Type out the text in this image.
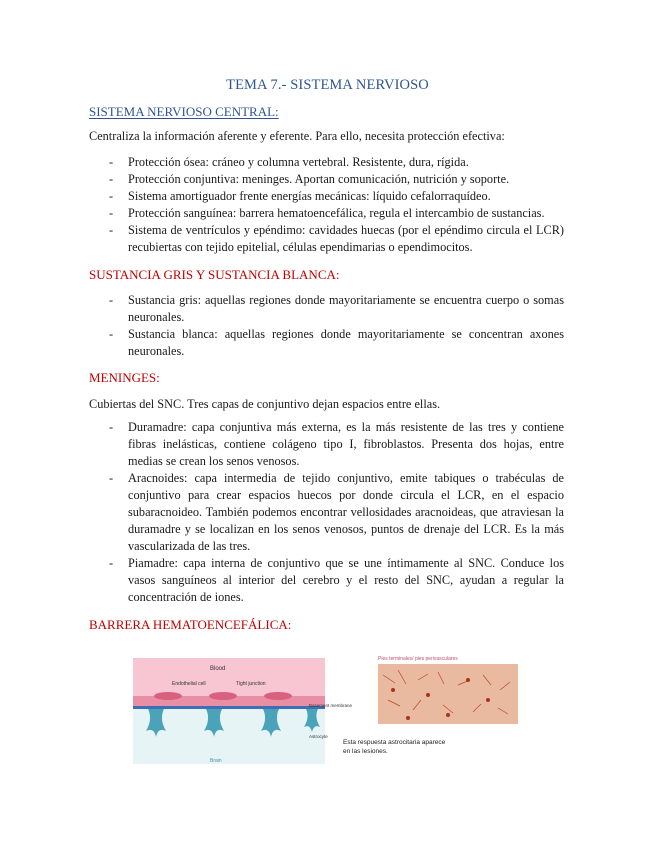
TEMA 7.- SISTEMA NERVIOSO
SISTEMA NERVIOSO CENTRAL:
Centraliza la información aferente y eferente. Para ello, necesita protección efectiva:
- Protección ósea: cráneo y columna vertebral. Resistente, dura, rígida.
- Protección conjuntiva: meninges. Aportan comunicación, nutrición y soporte.
- Sistema amortiguador frente energías mecánicas: líquido cefalorraquídeo.
- Protección sanguínea: barrera hematoencefálica, regula el intercambio de sustancias.
- Sistema de ventrículos y epéndimo: cavidades huecas (por el epéndimo circula el LCR) recubiertas con tejido epitelial, células ependimarias o ependimocitos.
SUSTANCIA GRIS Y SUSTANCIA BLANCA:
- Sustancia gris: aquellas regiones donde mayoritariamente se encuentra cuerpo o somas neuronales.
- Sustancia blanca: aquellas regiones donde mayoritariamente se concentran axones neuronales.
MENINGES:
Cubiertas del SNC. Tres capas de conjuntivo dejan espacios entre ellas.
- Duramadre: capa conjuntiva más externa, es la más resistente de las tres y contiene fibras inelásticas, contiene colágeno tipo I, fibroblastos. Presenta dos hojas, entre medias se crean los senos venosos.
- Aracnoides: capa intermedia de tejido conjuntivo, emite tabiques o trabéculas de conjuntivo para crear espacios huecos por donde circula el LCR, en el espacio subaracnoideo. También podemos encontrar vellosidades aracnoideas, que atraviesan la duramadre y se localizan en los senos venosos, puntos de drenaje del LCR. Es la más vascularizada de las tres.
- Piamadre: capa interna de conjuntivo que se une íntimamente al SNC. Conduce los vasos sanguíneos al interior del cerebro y el resto del SNC, ayudan a regular la concentración de iones.
BARRERA HEMATOENCEFÁLICA:
Blood
Endothelial cell	Tight junction
Basement membrane
Astrocyte
Brain
Pies terminales/ pies perivasculares
Esta respuesta astrocitaria aparece
en las lesiones.
